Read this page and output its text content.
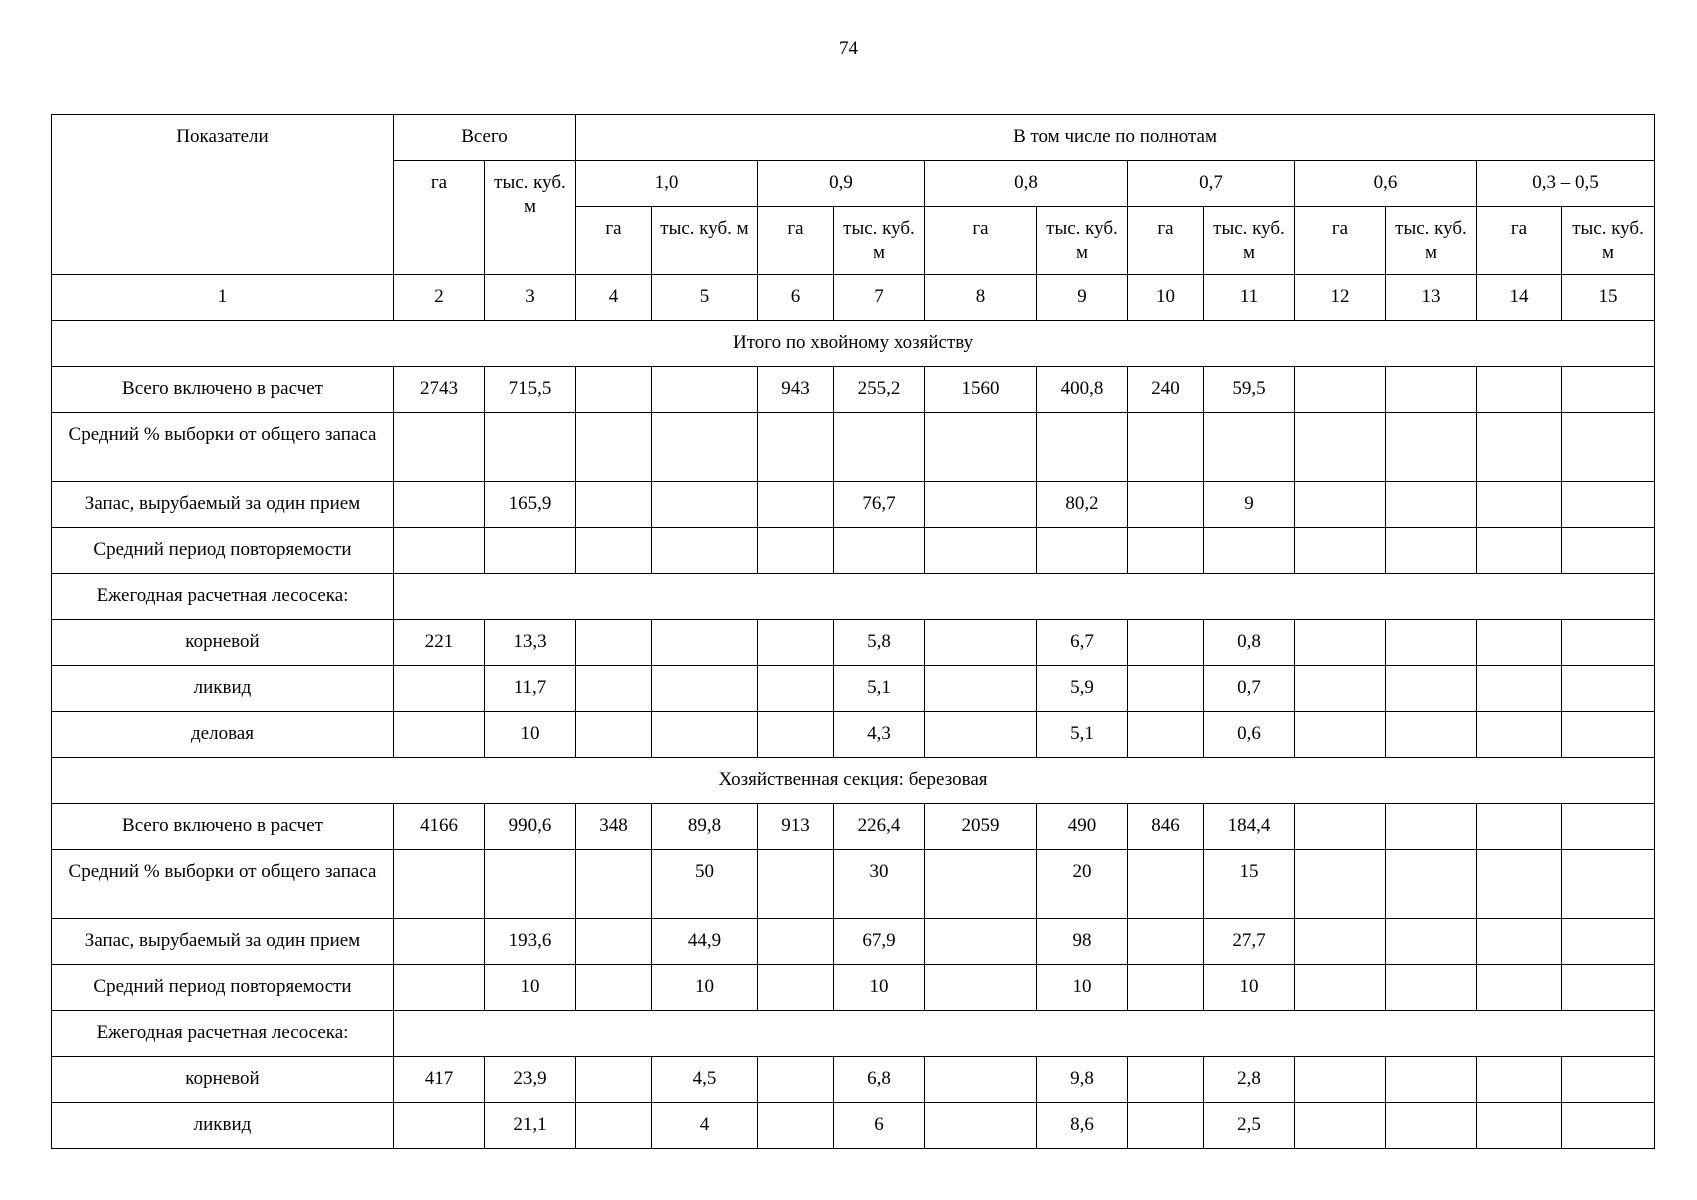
74
Показатели	Всего		В том числе по полнотам											
	га	тыс. куб. м	1,0		0,9		0,8		0,7		0,6		0,3 – 0,5	
			га	тыс. куб. м	га	тыс. куб. м	га	тыс. куб. м	га	тыс. куб. м	га	тыс. куб. м	га	тыс. куб. м
1	2	3	4	5	6	7	8	9	10	11	12	13	14	15
Итого по хвойному хозяйству														
Всего включено в расчет	2743	715,5			943	255,2	1560	400,8	240	59,5				
Средний % выборки от общего запаса														
Запас, вырубаемый за один прием		165,9				76,7		80,2		9				
Средний период повторяемости														
Ежегодная расчетная лесосека:														
корневой	221	13,3				5,8		6,7		0,8				
ликвид		11,7				5,1		5,9		0,7				
деловая		10				4,3		5,1		0,6				
Хозяйственная секция: березовая														
Всего включено в расчет	4166	990,6	348	89,8	913	226,4	2059	490	846	184,4				
Средний % выборки от общего запаса				50		30		20		15				
Запас, вырубаемый за один прием		193,6		44,9		67,9		98		27,7				
Средний период повторяемости		10		10		10		10		10				
Ежегодная расчетная лесосека:														
корневой	417	23,9		4,5		6,8		9,8		2,8				
ликвид		21,1		4		6		8,6		2,5				
